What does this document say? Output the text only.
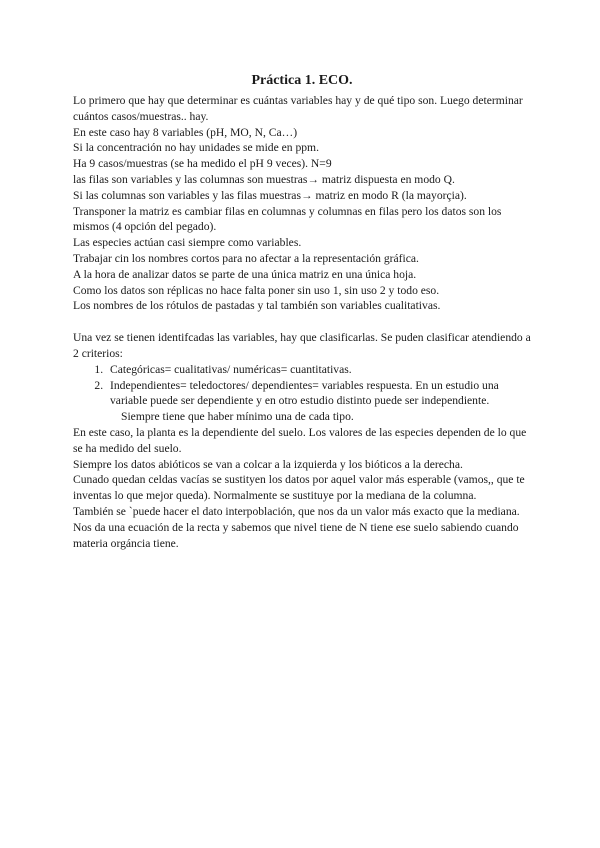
Práctica 1. ECO.

Lo primero que hay que determinar es cuántas variables hay y de qué tipo son. Luego determinar cuántos casos/muestras.. hay.

En este caso hay 8 variables (pH, MO, N, Ca…)

Si la concentración no hay unidades se mide en ppm.

Ha 9 casos/muestras (se ha medido el pH 9 veces). N=9

las filas son variables y las columnas son muestras→ matriz dispuesta en modo Q.

Si las columnas son variables y las filas muestras→ matriz en modo R (la mayorçia).

Transponer la matriz es cambiar filas en columnas y columnas en filas pero los datos son los mismos (4 opción del pegado).

Las especies actúan casi siempre como variables.

Trabajar cin los nombres cortos para no afectar a la representación gráfica.

A la hora de analizar datos se parte de una única matriz en una única hoja.

Como los datos son réplicas no hace falta poner sin uso 1, sin uso 2 y todo eso.

Los nombres de los rótulos de pastadas y tal también son variables cualitativas.

Una vez se tienen identifcadas las variables, hay que clasificarlas. Se puden clasificar atendiendo a 2 criterios:

1. Categóricas= cualitativas/ numéricas= cuantitativas.
2. Independientes= teledoctores/ dependientes= variables respuesta. En un estudio una variable puede ser dependiente y en otro estudio distinto puede ser independiente.
Siempre tiene que haber mínimo una de cada tipo.

En este caso, la planta es la dependiente del suelo. Los valores de las especies dependen de lo que se ha medido del suelo.

Siempre los datos abióticos se van a colcar a la izquierda y los bióticos a la derecha.

Cunado quedan celdas vacías se sustityen los datos por aquel valor más esperable (vamos,, que te inventas lo que mejor queda). Normalmente se sustituye por la mediana de la columna.

También se `puede hacer el dato interpoblación, que nos da un valor más exacto que la mediana. Nos da una ecuación de la recta y sabemos que nivel tiene de N tiene ese suelo sabiendo cuando materia orgáncia tiene.
